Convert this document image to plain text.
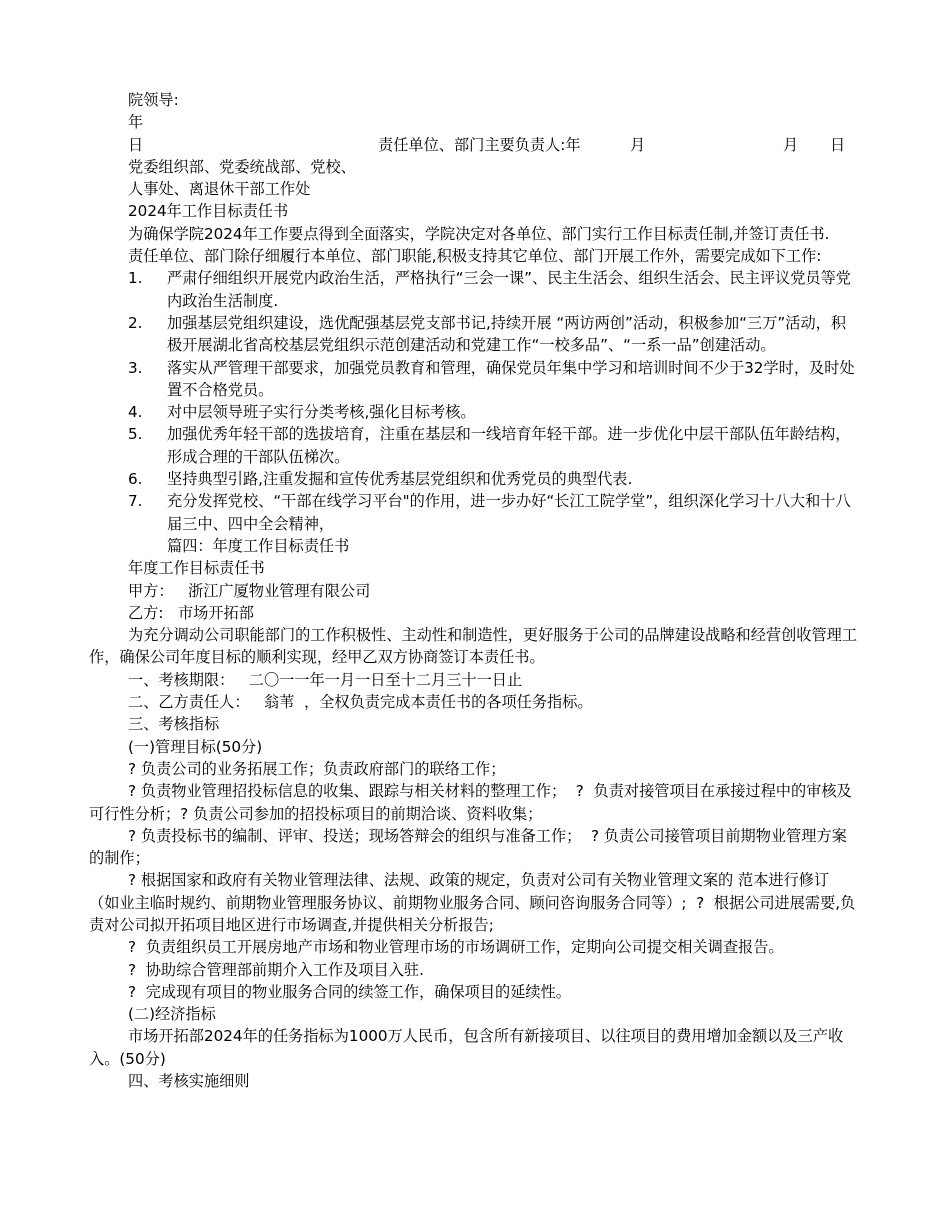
院领导:

年

日	责任单位、部门主要负责人:年	月	月 日

党委组织部、党委统战部、党校、

人事处、离退休干部工作处

2024年工作目标责任书

为确保学院2024年工作要点得到全面落实，学院决定对各单位、部门实行工作目标责任制,并签订责任书.

责任单位、部门除仔细履行本单位、部门职能,积极支持其它单位、部门开展工作外，需要完成如下工作:

1. 严肃仔细组织开展党内政治生活，严格执行“三会一课”、民主生活会、组织生活会、民主评议党员等党内政治生活制度.
2. 加强基层党组织建设，选优配强基层党支部书记,持续开展 “两访两创”活动，积极参加“三万”活动，积极开展湖北省高校基层党组织示范创建活动和党建工作“一校多品”、“一系一品”创建活动。
3. 落实从严管理干部要求，加强党员教育和管理，确保党员年集中学习和培训时间不少于32学时，及时处置不合格党员。
4. 对中层领导班子实行分类考核,强化目标考核。
5. 加强优秀年轻干部的选拔培育，注重在基层和一线培育年轻干部。进一步优化中层干部队伍年龄结构，形成合理的干部队伍梯次。
6. 坚持典型引路,注重发掘和宣传优秀基层党组织和优秀党员的典型代表.
7. 充分发挥党校、“干部在线学习平台"的作用，进一步办好“长江工院学堂”，组织深化学习十八大和十八届三中、四中全会精神，

篇四：年度工作目标责任书

年度工作目标责任书

甲方：   浙江广厦物业管理有限公司

乙方:   市场开拓部

为充分调动公司职能部门的工作积极性、主动性和制造性，更好服务于公司的品牌建设战略和经营创收管理工作，确保公司年度目标的顺利实现，经甲乙双方协商签订本责任书。

一、考核期限：   二〇一一年一月一日至十二月三十一日止

二、乙方责任人：   翁苇  ，全权负责完成本责任书的各项任务指标。

三、考核指标

(一)管理目标(50分)

? 负责公司的业务拓展工作；负责政府部门的联络工作；

? 负责物业管理招投标信息的收集、跟踪与相关材料的整理工作；  ?  负责对接管项目在承接过程中的审核及可行性分析；? 负责公司参加的招投标项目的前期洽谈、资料收集；

? 负责投标书的编制、评审、投送；现场答辩会的组织与准备工作；  ? 负责公司接管项目前期物业管理方案的制作；

? 根据国家和政府有关物业管理法律、法规、政策的规定，负责对公司有关物业管理文案的 范本进行修订（如业主临时规约、前期物业管理服务协议、前期物业服务合同、顾问咨询服务合同等）;  ?  根据公司进展需要,负责对公司拟开拓项目地区进行市场调查,并提供相关分析报告;

?  负责组织员工开展房地产市场和物业管理市场的市场调研工作，定期向公司提交相关调查报告。

?  协助综合管理部前期介入工作及项目入驻.

?  完成现有项目的物业服务合同的续签工作，确保项目的延续性。

(二)经济指标

市场开拓部2024年的任务指标为1000万人民币，包含所有新接项目、以往项目的费用增加金额以及三产收入。(50分)

四、考核实施细则
